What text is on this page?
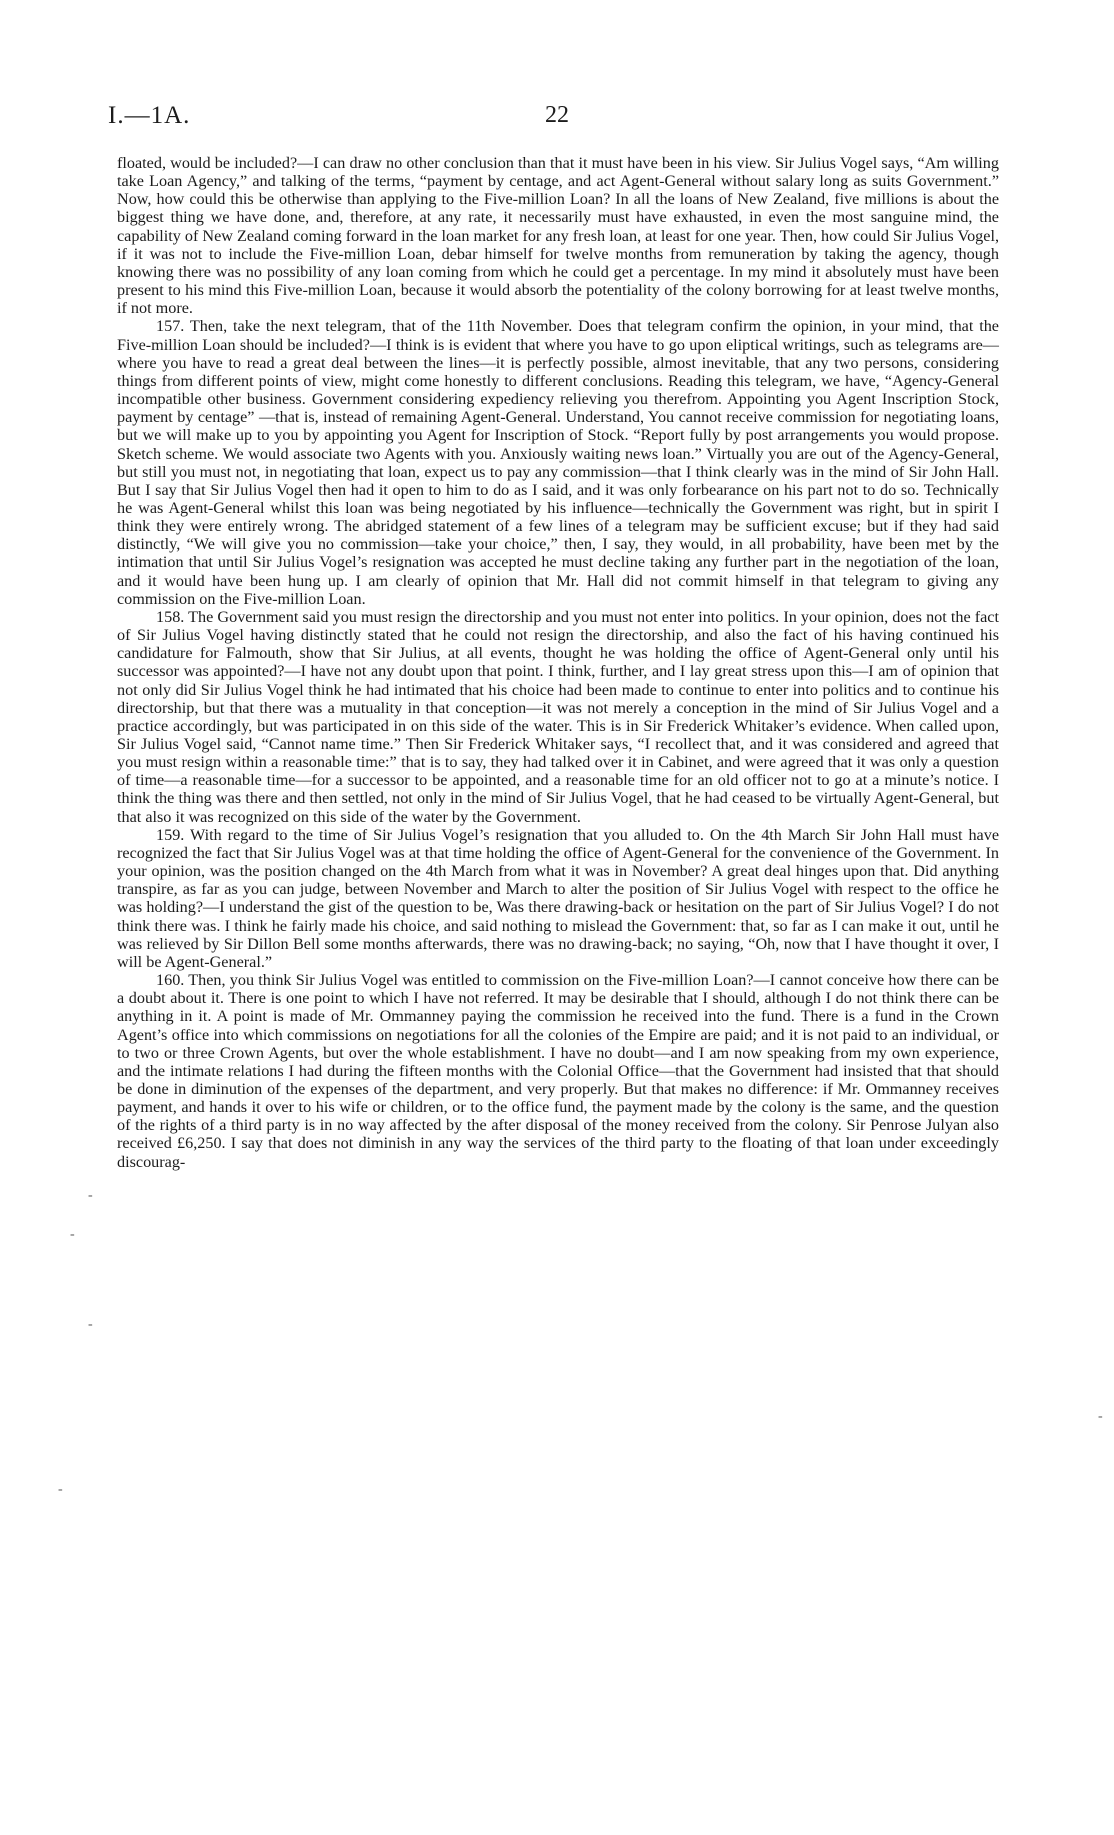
I.—1A.	22

floated, would be included?—I can draw no other conclusion than that it must have been in his view. Sir Julius Vogel says, “Am willing take Loan Agency,” and talking of the terms, “payment by centage, and act Agent-General without salary long as suits Government.” Now, how could this be otherwise than applying to the Five-million Loan? In all the loans of New Zealand, five millions is about the biggest thing we have done, and, therefore, at any rate, it necessarily must have exhausted, in even the most sanguine mind, the capability of New Zealand coming forward in the loan market for any fresh loan, at least for one year. Then, how could Sir Julius Vogel, if it was not to include the Five-million Loan, debar himself for twelve months from remuneration by taking the agency, though knowing there was no possibility of any loan coming from which he could get a percentage. In my mind it absolutely must have been present to his mind this Five-million Loan, because it would absorb the potentiality of the colony borrowing for at least twelve months, if not more.

157. Then, take the next telegram, that of the 11th November. Does that telegram confirm the opinion, in your mind, that the Five-million Loan should be included?—I think is is evident that where you have to go upon eliptical writings, such as telegrams are—where you have to read a great deal between the lines—it is perfectly possible, almost inevitable, that any two persons, considering things from different points of view, might come honestly to different conclusions. Reading this telegram, we have, “Agency-General incompatible other business. Government considering expediency relieving you therefrom. Appointing you Agent Inscription Stock, payment by centage” —that is, instead of remaining Agent-General. Understand, You cannot receive commission for negotiating loans, but we will make up to you by appointing you Agent for Inscription of Stock. “Report fully by post arrangements you would propose. Sketch scheme. We would associate two Agents with you. Anxiously waiting news loan.” Virtually you are out of the Agency-General, but still you must not, in negotiating that loan, expect us to pay any commission—that I think clearly was in the mind of Sir John Hall. But I say that Sir Julius Vogel then had it open to him to do as I said, and it was only forbearance on his part not to do so. Technically he was Agent-General whilst this loan was being negotiated by his influence—technically the Government was right, but in spirit I think they were entirely wrong. The abridged statement of a few lines of a telegram may be sufficient excuse; but if they had said distinctly, “We will give you no commission—take your choice,” then, I say, they would, in all probability, have been met by the intimation that until Sir Julius Vogel’s resignation was accepted he must decline taking any further part in the negotiation of the loan, and it would have been hung up. I am clearly of opinion that Mr. Hall did not commit himself in that telegram to giving any commission on the Five-million Loan.

158. The Government said you must resign the directorship and you must not enter into politics. In your opinion, does not the fact of Sir Julius Vogel having distinctly stated that he could not resign the directorship, and also the fact of his having continued his candidature for Falmouth, show that Sir Julius, at all events, thought he was holding the office of Agent-General only until his successor was appointed?—I have not any doubt upon that point. I think, further, and I lay great stress upon this—I am of opinion that not only did Sir Julius Vogel think he had intimated that his choice had been made to continue to enter into politics and to continue his directorship, but that there was a mutuality in that conception—it was not merely a conception in the mind of Sir Julius Vogel and a practice accordingly, but was participated in on this side of the water. This is in Sir Frederick Whitaker’s evidence. When called upon, Sir Julius Vogel said, “Cannot name time.” Then Sir Frederick Whitaker says, “I recollect that, and it was considered and agreed that you must resign within a reasonable time:” that is to say, they had talked over it in Cabinet, and were agreed that it was only a question of time—a reasonable time—for a successor to be appointed, and a reasonable time for an old officer not to go at a minute’s notice. I think the thing was there and then settled, not only in the mind of Sir Julius Vogel, that he had ceased to be virtually Agent-General, but that also it was recognized on this side of the water by the Government.

159. With regard to the time of Sir Julius Vogel’s resignation that you alluded to. On the 4th March Sir John Hall must have recognized the fact that Sir Julius Vogel was at that time holding the office of Agent-General for the convenience of the Government. In your opinion, was the position changed on the 4th March from what it was in November? A great deal hinges upon that. Did anything transpire, as far as you can judge, between November and March to alter the position of Sir Julius Vogel with respect to the office he was holding?—I understand the gist of the question to be, Was there drawing-back or hesitation on the part of Sir Julius Vogel? I do not think there was. I think he fairly made his choice, and said nothing to mislead the Government: that, so far as I can make it out, until he was relieved by Sir Dillon Bell some months afterwards, there was no drawing-back; no saying, “Oh, now that I have thought it over, I will be Agent-General.”

160. Then, you think Sir Julius Vogel was entitled to commission on the Five-million Loan?—I cannot conceive how there can be a doubt about it. There is one point to which I have not referred. It may be desirable that I should, although I do not think there can be anything in it. A point is made of Mr. Ommanney paying the commission he received into the fund. There is a fund in the Crown Agent’s office into which commissions on negotiations for all the colonies of the Empire are paid; and it is not paid to an individual, or to two or three Crown Agents, but over the whole establishment. I have no doubt—and I am now speaking from my own experience, and the intimate relations I had during the fifteen months with the Colonial Office—that the Government had insisted that that should be done in diminution of the expenses of the department, and very properly. But that makes no difference: if Mr. Ommanney receives payment, and hands it over to his wife or children, or to the office fund, the payment made by the colony is the same, and the question of the rights of a third party is in no way affected by the after disposal of the money received from the colony. Sir Penrose Julyan also received £6,250. I say that does not diminish in any way the services of the third party to the floating of that loan under exceedingly discourag-

-
-
-
-
-
